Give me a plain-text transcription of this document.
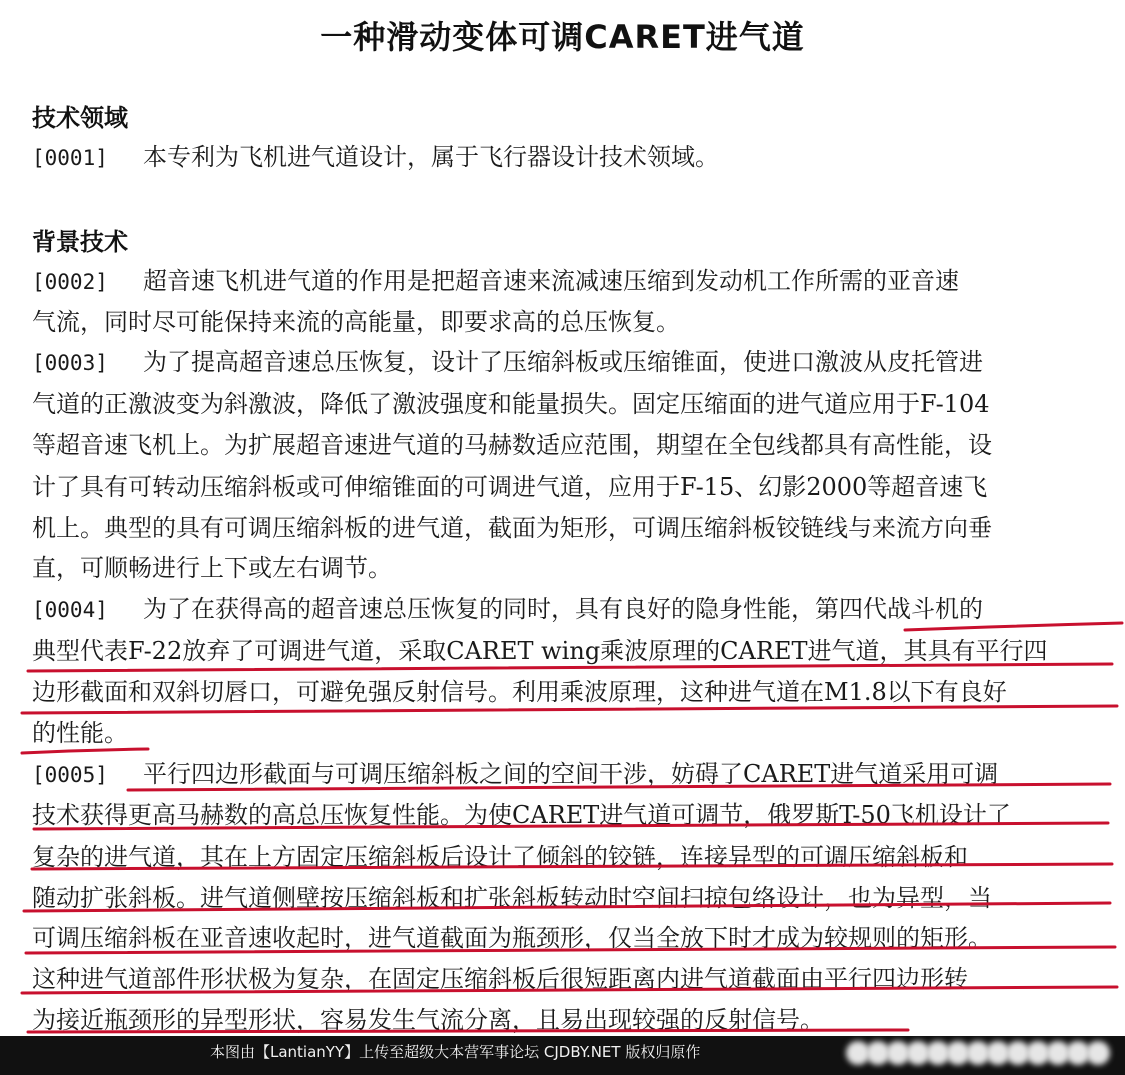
一种滑动变体可调CARET进气道
技术领域
[0001] 本专利为飞机进气道设计，属于飞行器设计技术领域。
背景技术
[0002] 超音速飞机进气道的作用是把超音速来流减速压缩到发动机工作所需的亚音速
气流，同时尽可能保持来流的高能量，即要求高的总压恢复。
[0003] 为了提高超音速总压恢复，设计了压缩斜板或压缩锥面，使进口激波从皮托管进
气道的正激波变为斜激波，降低了激波强度和能量损失。固定压缩面的进气道应用于F-104
等超音速飞机上。为扩展超音速进气道的马赫数适应范围，期望在全包线都具有高性能，设
计了具有可转动压缩斜板或可伸缩锥面的可调进气道，应用于F-15、幻影2000等超音速飞
机上。典型的具有可调压缩斜板的进气道，截面为矩形，可调压缩斜板铰链线与来流方向垂
直，可顺畅进行上下或左右调节。
[0004] 为了在获得高的超音速总压恢复的同时，具有良好的隐身性能，第四代战斗机的
典型代表F-22放弃了可调进气道，采取CARET wing乘波原理的CARET进气道，其具有平行四
边形截面和双斜切唇口，可避免强反射信号。利用乘波原理，这种进气道在M1.8以下有良好
的性能。
[0005] 平行四边形截面与可调压缩斜板之间的空间干涉，妨碍了CARET进气道采用可调
技术获得更高马赫数的高总压恢复性能。为使CARET进气道可调节，俄罗斯T-50飞机设计了
复杂的进气道，其在上方固定压缩斜板后设计了倾斜的铰链，连接异型的可调压缩斜板和
随动扩张斜板。进气道侧壁按压缩斜板和扩张斜板转动时空间扫掠包络设计，也为异型，当
可调压缩斜板在亚音速收起时，进气道截面为瓶颈形，仅当全放下时才成为较规则的矩形。
这种进气道部件形状极为复杂，在固定压缩斜板后很短距离内进气道截面由平行四边形转
为接近瓶颈形的异型形状，容易发生气流分离，且易出现较强的反射信号。
本图由【LantianYY】上传至超级大本营军事论坛 CJDBY.NET 版权归原作
